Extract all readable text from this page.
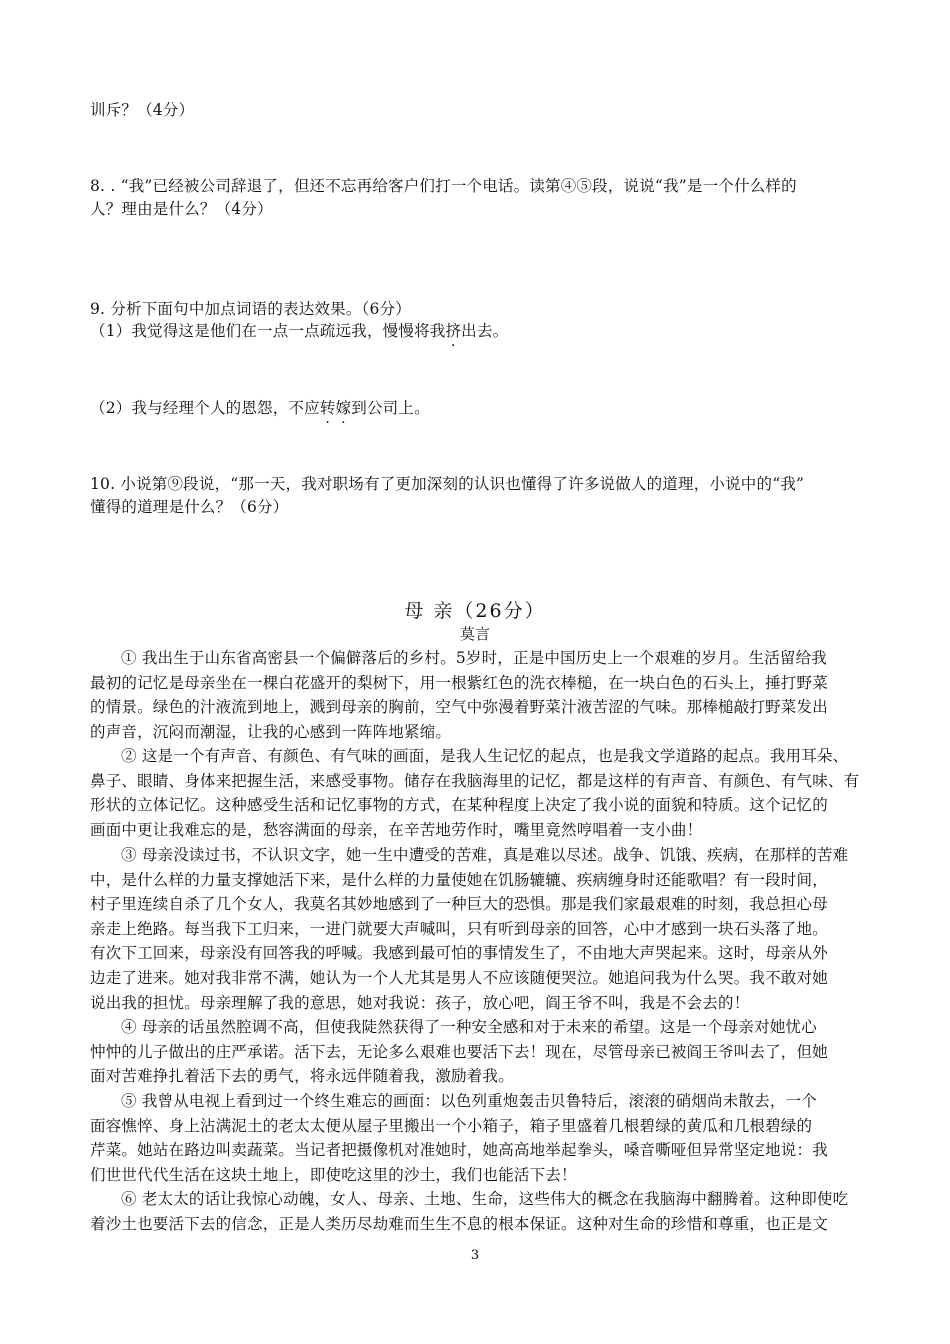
训斥？（4分）
8. . “我”已经被公司辞退了，但还不忘再给客户们打一个电话。读第④⑤段，说说“我”是一个什么样的
人？理由是什么？（4分）
9. 分析下面句中加点词语的表达效果。（6分）
（1）我觉得这是他们在一点一点疏远我，慢慢将我挤出去。
（2）我与经理个人的恩怨，不应转嫁到公司上。
10. 小说第⑨段说，“那一天，我对职场有了更加深刻的认识也懂得了许多说做人的道理，小说中的“我”
懂得的道理是什么？（6分）
母 亲（26分）
莫言
① 我出生于山东省高密县一个偏僻落后的乡村。5岁时，正是中国历史上一个艰难的岁月。生活留给我
最初的记忆是母亲坐在一棵白花盛开的梨树下，用一根紫红色的洗衣棒槌，在一块白色的石头上，捶打野菜
的情景。绿色的汁液流到地上，溅到母亲的胸前，空气中弥漫着野菜汁液苦涩的气味。那棒槌敲打野菜发出
的声音，沉闷而潮湿，让我的心感到一阵阵地紧缩。
② 这是一个有声音、有颜色、有气味的画面，是我人生记忆的起点，也是我文学道路的起点。我用耳朵、
鼻子、眼睛、身体来把握生活，来感受事物。储存在我脑海里的记忆，都是这样的有声音、有颜色、有气味、有
形状的立体记忆。这种感受生活和记忆事物的方式，在某种程度上决定了我小说的面貌和特质。这个记忆的
画面中更让我难忘的是，愁容满面的母亲，在辛苦地劳作时，嘴里竟然哼唱着一支小曲！
③ 母亲没读过书，不认识文字，她一生中遭受的苦难，真是难以尽述。战争、饥饿、疾病，在那样的苦难
中，是什么样的力量支撑她活下来，是什么样的力量使她在饥肠辘辘、疾病缠身时还能歌唱？有一段时间，
村子里连续自杀了几个女人，我莫名其妙地感到了一种巨大的恐惧。那是我们家最艰难的时刻，我总担心母
亲走上绝路。每当我下工归来，一进门就要大声喊叫，只有听到母亲的回答，心中才感到一块石头落了地。
有次下工回来，母亲没有回答我的呼喊。我感到最可怕的事情发生了，不由地大声哭起来。这时，母亲从外
边走了进来。她对我非常不满，她认为一个人尤其是男人不应该随便哭泣。她追问我为什么哭。我不敢对她
说出我的担忧。母亲理解了我的意思，她对我说：孩子，放心吧，阎王爷不叫，我是不会去的！
④ 母亲的话虽然腔调不高，但使我陡然获得了一种安全感和对于未来的希望。这是一个母亲对她忧心
忡忡的儿子做出的庄严承诺。活下去，无论多么艰难也要活下去！现在，尽管母亲已被阎王爷叫去了，但她
面对苦难挣扎着活下去的勇气，将永远伴随着我，激励着我。
⑤ 我曾从电视上看到过一个终生难忘的画面：以色列重炮轰击贝鲁特后，滚滚的硝烟尚未散去，一个
面容憔悴、身上沾满泥土的老太太便从屋子里搬出一个小箱子，箱子里盛着几根碧绿的黄瓜和几根碧绿的
芹菜。她站在路边叫卖蔬菜。当记者把摄像机对准她时，她高高地举起拳头，嗓音嘶哑但异常坚定地说：我
们世世代代生活在这块土地上，即使吃这里的沙土，我们也能活下去！
⑥ 老太太的话让我惊心动魄，女人、母亲、土地、生命，这些伟大的概念在我脑海中翻腾着。这种即使吃
着沙土也要活下去的信念，正是人类历尽劫难而生生不息的根本保证。这种对生命的珍惜和尊重，也正是文
3
